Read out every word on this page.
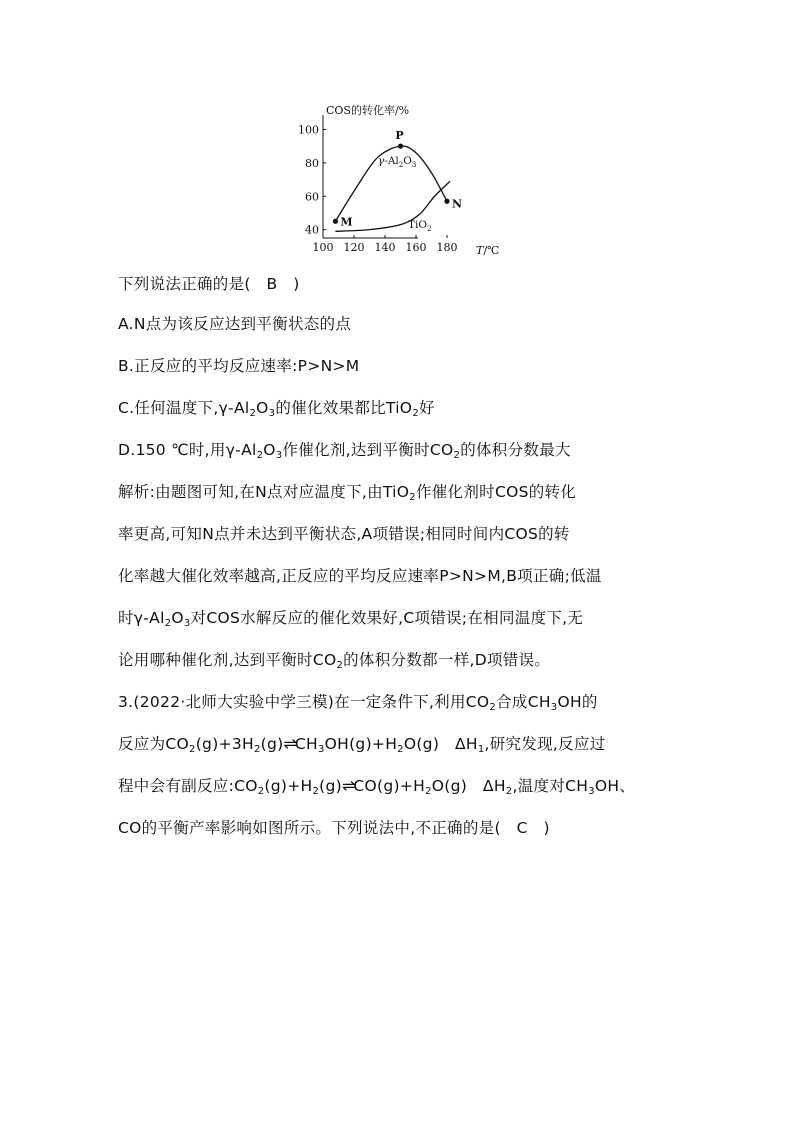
COS的转化率/%
100 120 140 160 180
40
60
80
100
M
P
N
T/℃
$\gamma-Al_2O_3$
TiO$_2$
下列说法正确的是(　B　)
A.N点为该反应达到平衡状态的点
B.正反应的平均反应速率:P>N>M
C.任何温度下$,\gamma-Al_2O_3$的催化效果都比TiO$_2$好
D.150 ℃时,用$\gamma-Al_2O_3$作催化剂,达到平衡时$CO_2$的体积分数最大
解析:由题图可知,在N点对应温度下,由TiO$_2$作催化剂时COS的转化
率更高,可知N点并未达到平衡状态,A项错误;相同时间内COS的转
化率越大催化效率越高,正反应的平均反应速率P>N>M,B项正确;低温
时$\gamma-Al_2O_3$对COS水解反应的催化效果好,C项错误;在相同温度下,无
论用哪种催化剂,达到平衡时$CO_2$的体积分数都一样,D项错误。
3.(2022·北师大实验中学三模)在一定条件下,利用$CO_2$合成$CH_3OH$的
反应为$CO_2(g)+3H_2(g)\rightleftharpoons CH_3OH(g)+H_2O(g)$　$\Delta H_1$,研究发现,反应过
程中会有副反应$:CO_2(g)+H_2(g)\rightleftharpoons CO(g)+H_2O(g)$　$\Delta H_2$,温度对$CH_3OH$、
CO的平衡产率影响如图所示。下列说法中,不正确的是(　C　)
